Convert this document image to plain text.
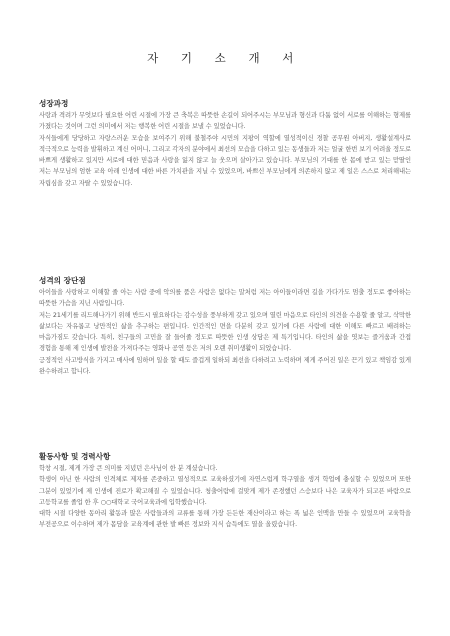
자 기 소 개 서
성장과정

사랑과 격려가 무엇보다 필요한 어린 시절에 가장 큰 축복은 따뜻한 손길이 되어주시는 부모님과 형신과 다툼 없이 서로를 이해하는 형제를 가졌다는 것이며 그런 의미에서 저는 행복한 어린 시절을 보낼 수 있었습니다.

자식들에게 당당하고 자랑스러운 모습을 보여주기 위해 불철주야 시민의 지팡이 역할에 열성적이신 경찰 공무원 아버지, 생활설계사로 적극적으로 능력을 발휘하고 계신 어머니, 그리고 각자의 분야에서 최선의 모습을 다하고 있는 동생들과 저는 얼굴 한번 보기 어려울 정도로 바쁘게 생활하고 있지만 서로에 대한 믿음과 사랑을 잃지 않고 늘 웃으며 살아가고 있습니다. 부모님의 기대를 한 몸에 받고 있는 맏딸인 저는 부모님의 엄한 교육 아래 인생에 대한 바른 가치관을 지닐 수 있었으며, 바쁘신 부모님에게 의존하지 않고 제 일은 스스로 처리해내는 자립심을 갖고 자랄 수 있었습니다.

성격의 장단점

아이들을 사랑하고 이해할 줄 아는 사람 중에 악의를 품은 사람은 없다는 말처럼 저는 아이들이라면 길을 가다가도 멈출 정도로 좋아하는 따뜻한 가슴을 지닌 사람입니다.

저는 21세기를 리드해나가기 위해 반드시 필요하다는 감수성을 풍부하게 갖고 있으며 열린 마음으로 타인의 의견을 수용할 줄 알고, 삭막한 삶보다는 자유롭고 낭만적인 삶을 추구하는 편입니다. 인간적인 면을 다분히 갖고 있기에 다른 사람에 대한 이해도 빠르고 배려하는 마음가짐도 갖습니다. 특히, 친구들의 고민을 잘 들어줄 정도로 따뜻한 인생 상담은 제 특기입니다. 타인의 삶을 엿보는 즐거움과 간접 경험을 통해 제 인생에 발전을 가져다주는 영화나 공연 등은 저의 오랜 취미생활이 되었습니다.

긍정적인 사고방식을 가지고 매사에 임하며 일을 할 때도 즐겁게 일하되 최선을 다하려고 노력하며 제게 주어진 일은 끈기 있고 책임감 있게 완수하려고 합니다.

활동사항 및 경력사항

학창 시절, 제게 가장 큰 의미를 지녔던 은사님이 한 분 계셨습니다.

학생이 아닌 한 사람의 인격체로 제자를 존중하고 열성적으로 교육하셨기에 자연스럽게 학구열을 생겨 학업에 충실할 수 있었으며 또한 그분이 있었기에 제 인생에 진로가 확고해질 수 있었습니다. 청출어람에 걸맞게 제가 존경했던 스승보다 나은 교육자가 되고픈 바람으로 고등학교를 졸업 한 후 ○○대학교 국어교육과에 입학했습니다.

대학 시절 다양한 동아리 활동과 많은 사람들과의 교류를 통해 가장 든든한 재산이라고 하는 폭 넓은 인맥을 만들 수 있었으며 교육학을 부전공으로 이수하며 제가 몸담을 교육계에 관한 발 빠른 정보와 지식 습득에도 열을 올렸습니다.
